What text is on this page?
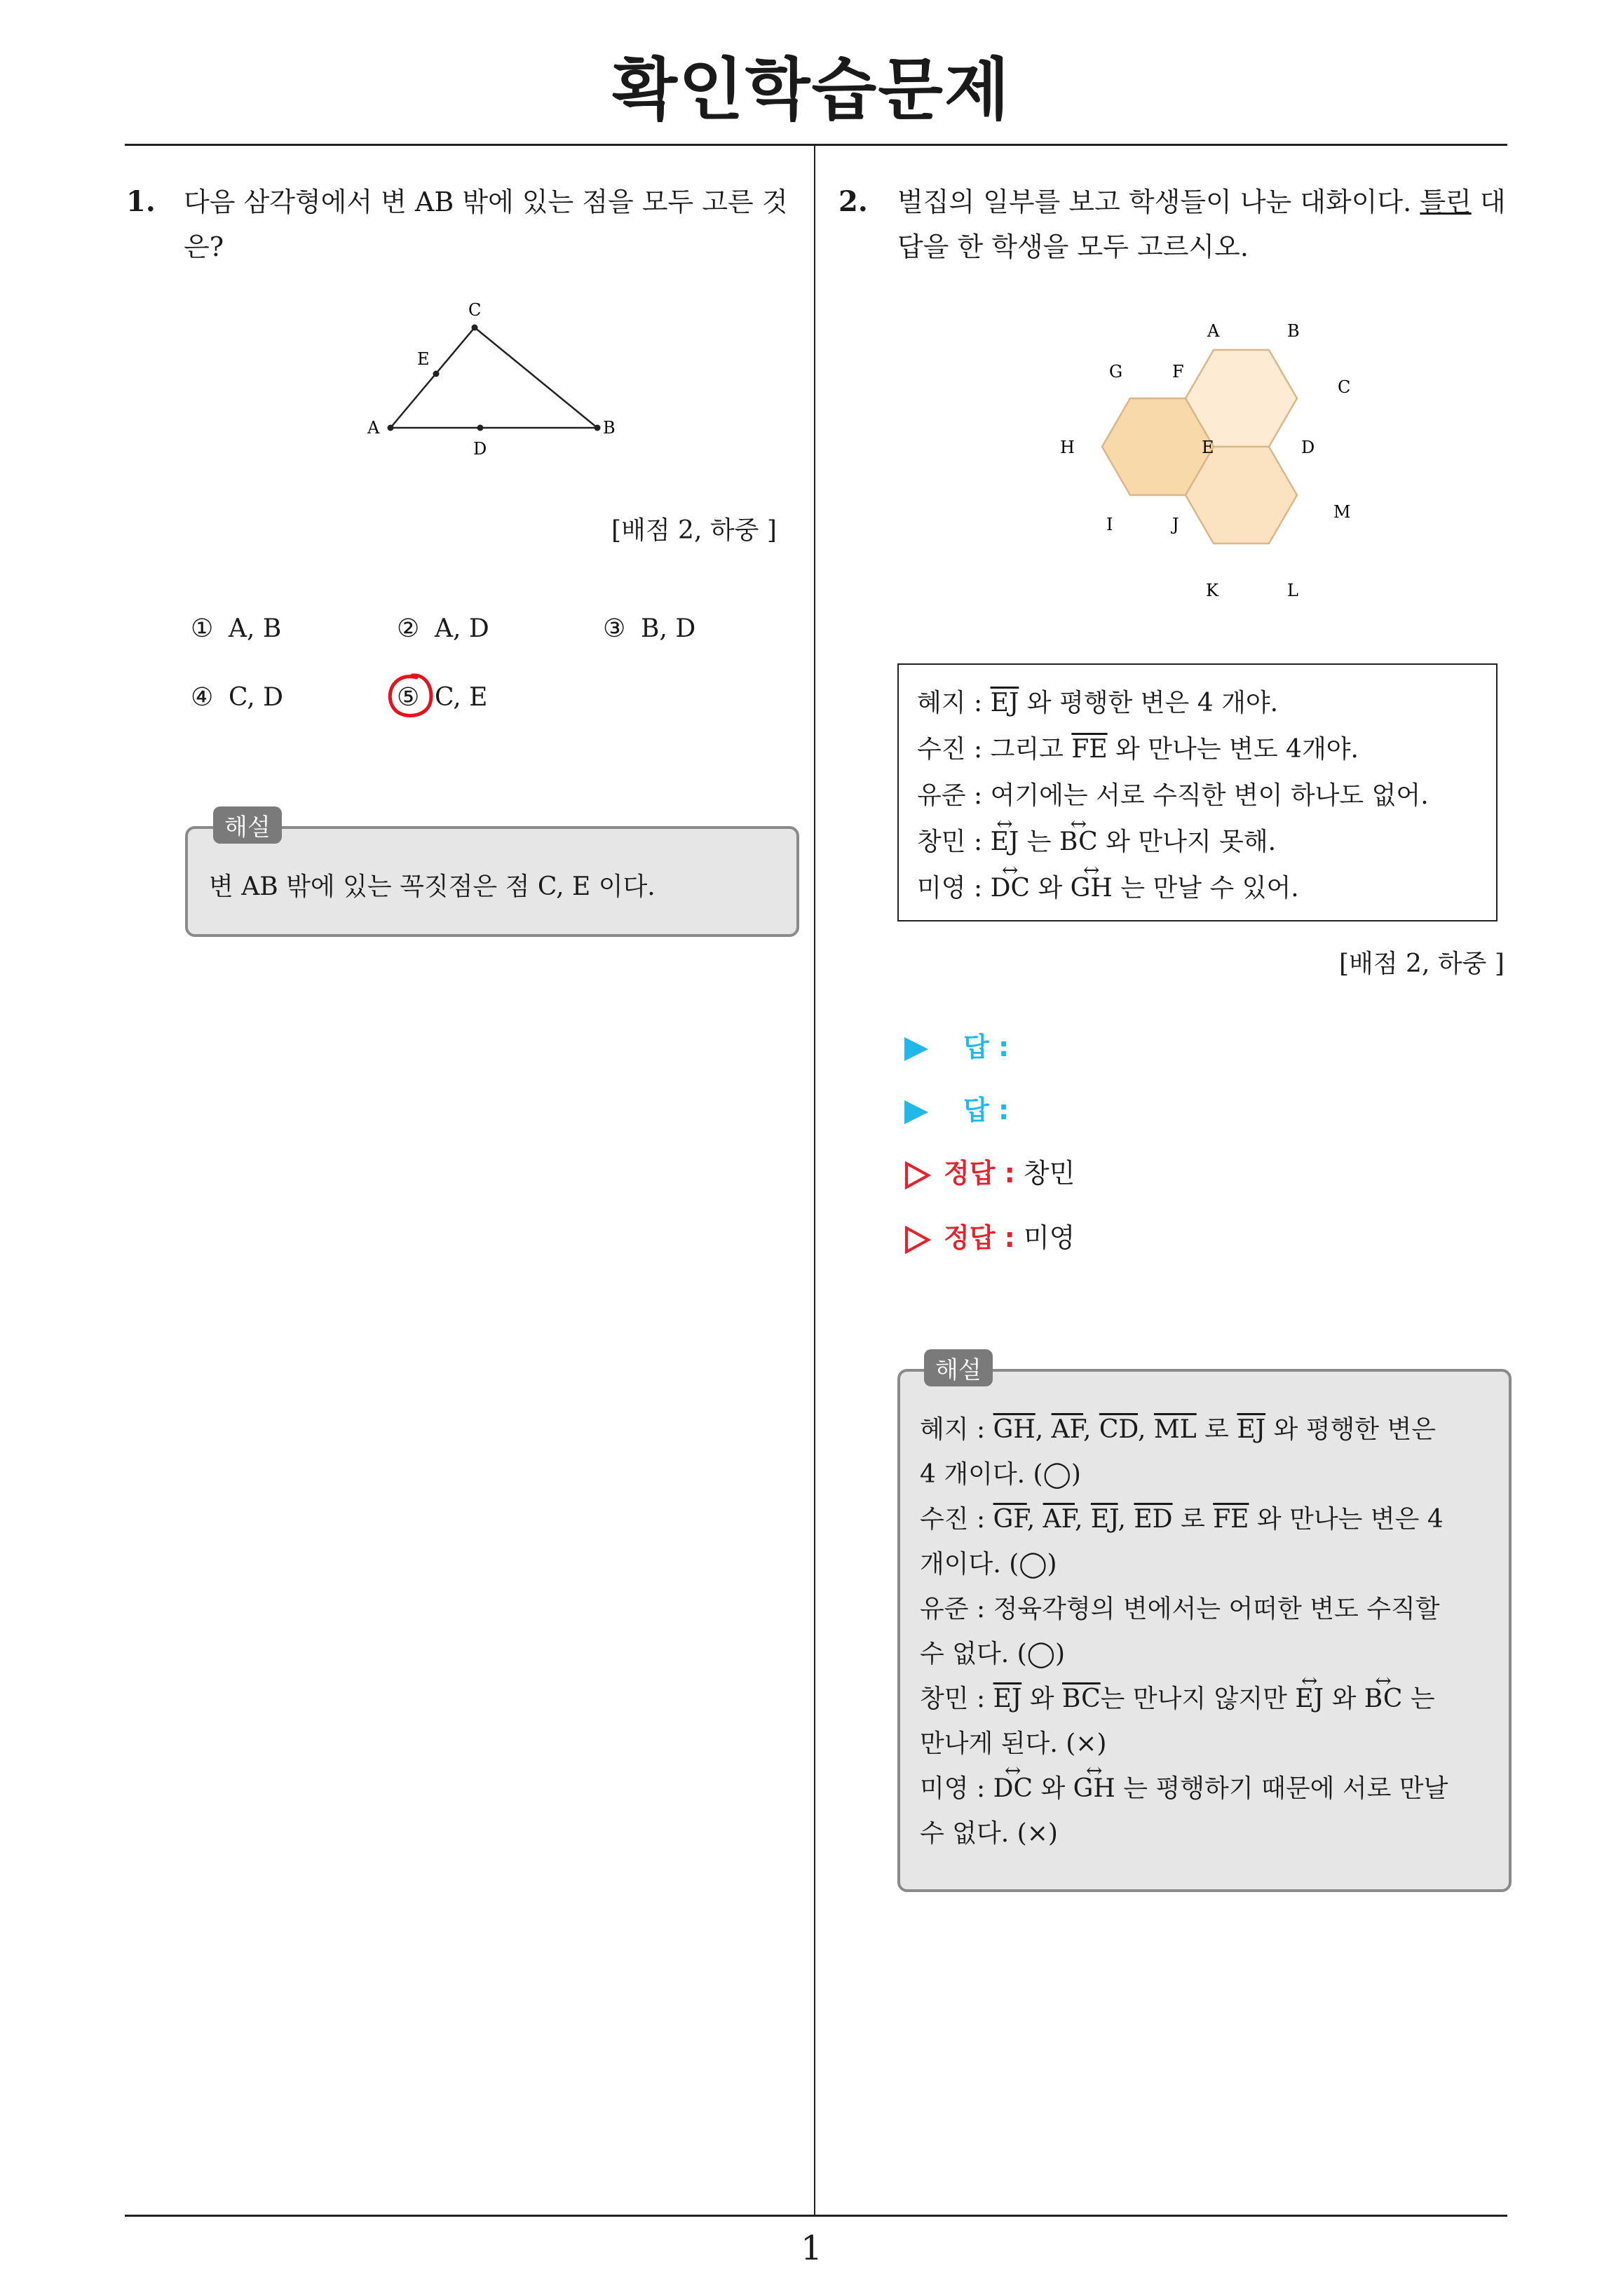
확인학습문제
1. 다음 삼각형에서 변 AB 밖에 있는 점을 모두 고른 것
은?
A
C
B
D
E
[배점 2, 하중 ]
① A, B	② A, D	③ B, D
④ C, D	⑤ C, E
해설
변 AB 밖에 있는 꼭짓점은 점 C, E 이다.
2. 벌집의 일부를 보고 학생들이 나눈 대화이다. 틀린 대
답을 한 학생을 모두 고르시오.
A	B
C
D
E
F
G
H
I	J
K	L
M
혜지 : $\overline{EJ}$ 와 평행한 변은 4 개야.
수진 : 그리고 $\overline{FE}$ 와 만나는 변도 4개야.
유준 : 여기에는 서로 수직한 변이 하나도 없어.
창민 : ↔ EJ 는 ↔ BC 와 만나지 못해.
미영 : ↔ DC 와 ↔ GH 는 만날 수 있어.
[배점 2, 하중 ]
답 :
답 :
정답 : 창민
정답 : 미영
해설
혜지 : $\overline{GH}$, $\overline{AF}$, $\overline{CD}$, $\overline{ML}$ 로 $\overline{EJ}$ 와 평행한 변은
4 개이다. (◯)
수진 : $\overline{GF}$, $\overline{AF}$, $\overline{EJ}$, $\overline{ED}$ 로 $\overline{FE}$ 와 만나는 변은 4
개이다. (◯)
유준 : 정육각형의 변에서는 어떠한 변도 수직할
수 없다. (◯)
창민 : $\overline{EJ}$ 와 $\overline{BC}$는 만나지 않지만 ↔ EJ 와 ↔ BC 는
만나게 된다. (×)
미영 : ↔ DC 와 ↔ GH 는 평행하기 때문에 서로 만날
수 없다. (×)
1
